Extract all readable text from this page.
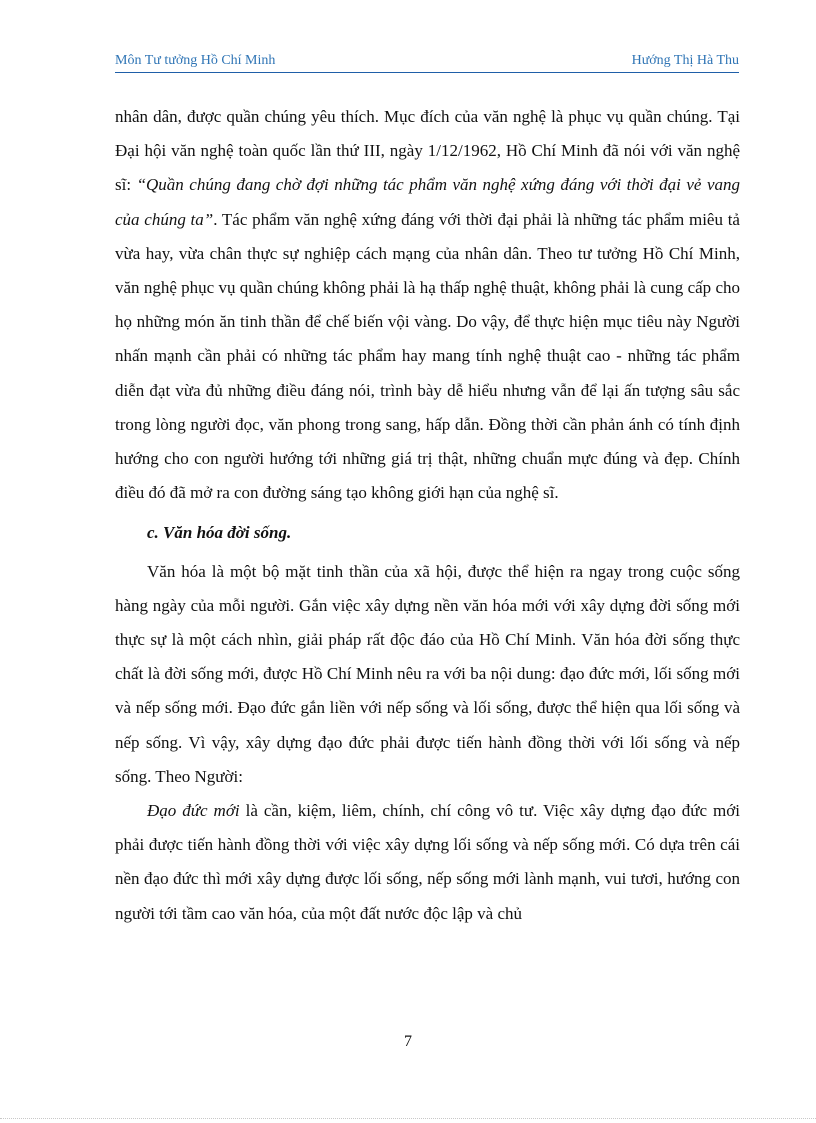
Môn Tư tưởng Hồ Chí Minh	Hướng Thị Hà Thu

nhân dân, được quần chúng yêu thích. Mục đích của văn nghệ là phục vụ quần chúng. Tại Đại hội văn nghệ toàn quốc lần thứ III, ngày 1/12/1962, Hồ Chí Minh đã nói với văn nghệ sĩ: “Quần chúng đang chờ đợi những tác phẩm văn nghệ xứng đáng với thời đại vẻ vang của chúng ta”. Tác phẩm văn nghệ xứng đáng với thời đại phải là những tác phẩm miêu tả vừa hay, vừa chân thực sự nghiệp cách mạng của nhân dân. Theo tư tưởng Hồ Chí Minh, văn nghệ phục vụ quần chúng không phải là hạ thấp nghệ thuật, không phải là cung cấp cho họ những món ăn tinh thần để chế biến vội vàng. Do vậy, để thực hiện mục tiêu này Người nhấn mạnh cần phải có những tác phẩm hay mang tính nghệ thuật cao - những tác phẩm diễn đạt vừa đủ những điều đáng nói, trình bày dễ hiểu nhưng vẫn để lại ấn tượng sâu sắc trong lòng người đọc, văn phong trong sang, hấp dẫn. Đồng thời cần phản ánh có tính định hướng cho con người hướng tới những giá trị thật, những chuẩn mực đúng và đẹp. Chính điều đó đã mở ra con đường sáng tạo không giới hạn của nghệ sĩ.

c. Văn hóa đời sống.

Văn hóa là một bộ mặt tinh thần của xã hội, được thể hiện ra ngay trong cuộc sống hàng ngày của mỗi người. Gắn việc xây dựng nền văn hóa mới với xây dựng đời sống mới thực sự là một cách nhìn, giải pháp rất độc đáo của Hồ Chí Minh. Văn hóa đời sống thực chất là đời sống mới, được Hồ Chí Minh nêu ra với ba nội dung: đạo đức mới, lối sống mới và nếp sống mới. Đạo đức gắn liền với nếp sống và lối sống, được thể hiện qua lối sống và nếp sống. Vì vậy, xây dựng đạo đức phải được tiến hành đồng thời với lối sống và nếp sống. Theo Người:

Đạo đức mới là cần, kiệm, liêm, chính, chí công vô tư. Việc xây dựng đạo đức mới phải được tiến hành đồng thời với việc xây dựng lối sống và nếp sống mới. Có dựa trên cái nền đạo đức thì mới xây dựng được lối sống, nếp sống mới lành mạnh, vui tươi, hướng con người tới tầm cao văn hóa, của một đất nước độc lập và chủ

7
